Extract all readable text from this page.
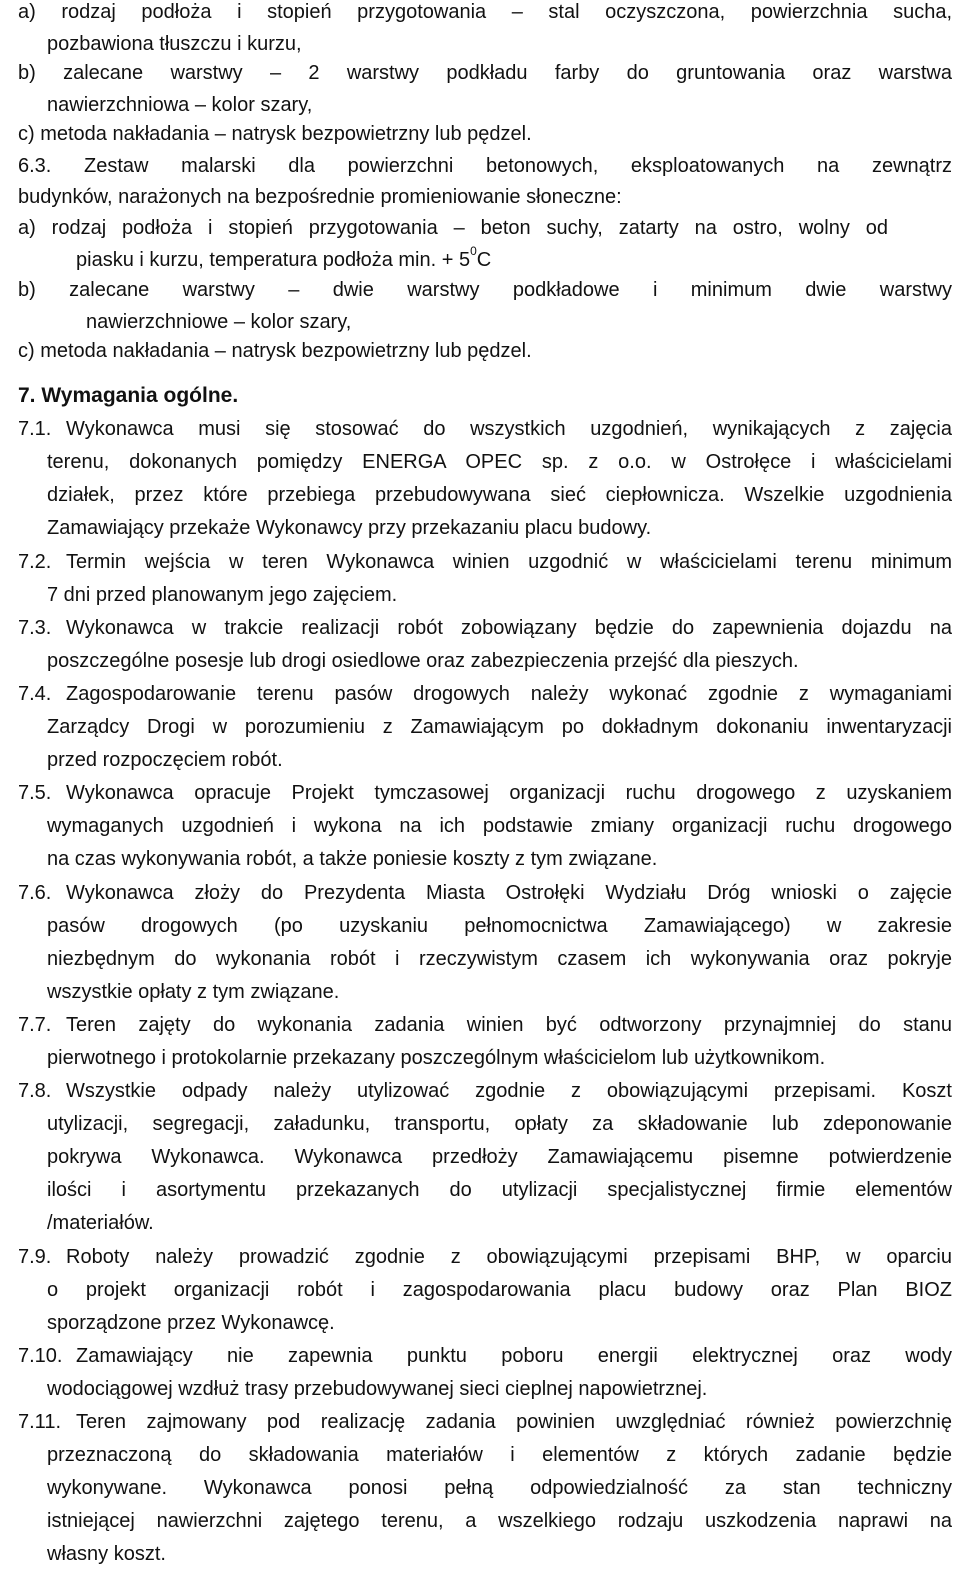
a) rodzaj podłoża i stopień przygotowania – stal oczyszczona, powierzchnia sucha,
pozbawiona tłuszczu i kurzu,
b) zalecane warstwy – 2 warstwy podkładu farby do gruntowania oraz warstwa
nawierzchniowa – kolor szary,
c) metoda nakładania – natrysk bezpowietrzny lub pędzel.
6.3. Zestaw malarski dla powierzchni betonowych, eksploatowanych na zewnątrz
budynków, narażonych na bezpośrednie promieniowanie słoneczne:
a) rodzaj podłoża i stopień przygotowania – beton suchy, zatarty na ostro, wolny od
piasku i kurzu, temperatura podłoża min. + $5^0C$
b) zalecane warstwy – dwie warstwy podkładowe i minimum dwie warstwy
nawierzchniowe – kolor szary,
c) metoda nakładania – natrysk bezpowietrzny lub pędzel.
7. Wymagania ogólne.
7.1. Wykonawca musi się stosować do wszystkich uzgodnień, wynikających z zajęcia
terenu, dokonanych pomiędzy ENERGA OPEC sp. z o.o. w Ostrołęce i właścicielami
działek, przez które przebiega przebudowywana sieć ciepłownicza. Wszelkie uzgodnienia
Zamawiający przekaże Wykonawcy przy przekazaniu placu budowy.
7.2. Termin wejścia w teren Wykonawca winien uzgodnić w właścicielami terenu minimum
7 dni przed planowanym jego zajęciem.
7.3. Wykonawca w trakcie realizacji robót zobowiązany będzie do zapewnienia dojazdu na
poszczególne posesje lub drogi osiedlowe oraz zabezpieczenia przejść dla pieszych.
7.4. Zagospodarowanie terenu pasów drogowych należy wykonać zgodnie z wymaganiami
Zarządcy Drogi w porozumieniu z Zamawiającym po dokładnym dokonaniu inwentaryzacji
przed rozpoczęciem robót.
7.5. Wykonawca opracuje Projekt tymczasowej organizacji ruchu drogowego z uzyskaniem
wymaganych uzgodnień i wykona na ich podstawie zmiany organizacji ruchu drogowego
na czas wykonywania robót, a także poniesie koszty z tym związane.
7.6. Wykonawca złoży do Prezydenta Miasta Ostrołęki Wydziału Dróg wnioski o zajęcie
pasów drogowych (po uzyskaniu pełnomocnictwa Zamawiającego) w zakresie
niezbędnym do wykonania robót i rzeczywistym czasem ich wykonywania oraz pokryje
wszystkie opłaty z tym związane.
7.7. Teren zajęty do wykonania zadania winien być odtworzony przynajmniej do stanu
pierwotnego i protokolarnie przekazany poszczególnym właścicielom lub użytkownikom.
7.8. Wszystkie odpady należy utylizować zgodnie z obowiązującymi przepisami. Koszt
utylizacji, segregacji, załadunku, transportu, opłaty za składowanie lub zdeponowanie
pokrywa Wykonawca. Wykonawca przedłoży Zamawiającemu pisemne potwierdzenie
ilości i asortymentu przekazanych do utylizacji specjalistycznej firmie elementów
/materiałów.
7.9. Roboty należy prowadzić zgodnie z obowiązującymi przepisami BHP, w oparciu
o projekt organizacji robót i zagospodarowania placu budowy oraz Plan BIOZ
sporządzone przez Wykonawcę.
7.10. Zamawiający nie zapewnia punktu poboru energii elektrycznej oraz wody
wodociągowej wzdłuż trasy przebudowywanej sieci cieplnej napowietrznej.
7.11. Teren zajmowany pod realizację zadania powinien uwzględniać również powierzchnię
przeznaczoną do składowania materiałów i elementów z których zadanie będzie
wykonywane. Wykonawca ponosi pełną odpowiedzialność za stan techniczny
istniejącej nawierzchni zajętego terenu, a wszelkiego rodzaju uszkodzenia naprawi na
własny koszt.
